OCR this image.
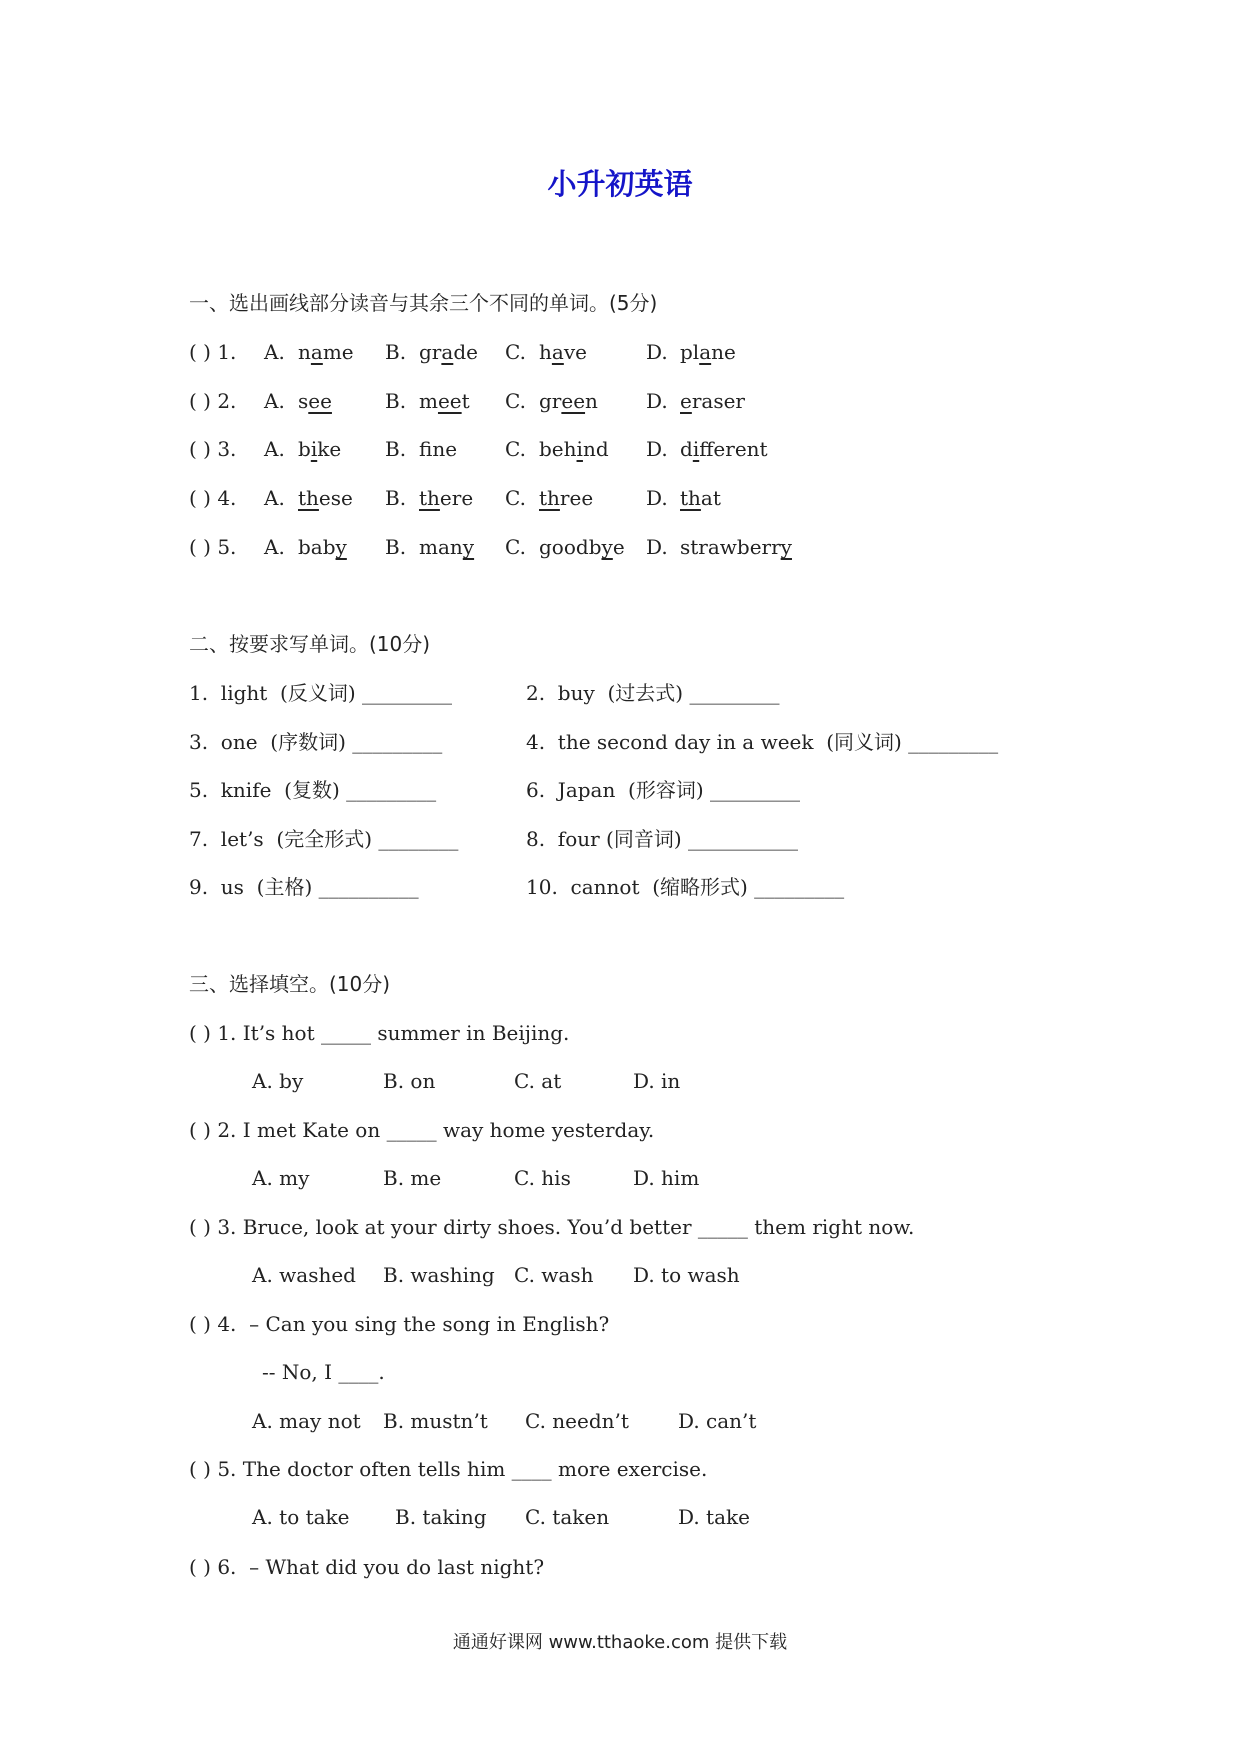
小升初英语
一、选出画线部分读音与其余三个不同的单词。(5分)
( ) 1. A. name B. grade C. have	D. plane
( ) 2. A. see	B. meet C. green D. eraser
( ) 3. A. bike B. fne C. behind D. different
( ) 4. A. these B. there C. three	D. that
( ) 5. A. baby B. many C. goodbye D. strawberry
二、按要求写单词。(10分)
1.  light  (反义词) _________	2.  buy  (过去式) _________
3.  one  (序数词) _________	4.  the second day in a week  (同义词) _________
5.  knife  (复数) _________	6.  Japan  (形容词) _________
7.  let’s  (完全形式) ________	8.  four (同音词) ___________
9.  us  (主格) __________	10.  cannot  (缩略形式) _________
三、选择填空。(10分)
( ) 1. It’s hot _____ summer in Beijing.
A. by	B. on	C. at	D. in
( ) 2. I met Kate on _____ way home yesterday.
A. my	B. me	C. his	D. him
( ) 3. Bruce, look at your dirty shoes. You’d better _____ them right now.
A. washed B. washing C. wash D. to wash
( ) 4.  – Can you sing the song in English?
-- No, I ____.
A. may not B. mustn’t C. needn’t D. can’t
( ) 5. The doctor often tells him ____ more exercise.
A. to take B. taking C. taken	D. take
( ) 6.  – What did you do last night?
通通好课网 www.tthaoke.com 提供下载
